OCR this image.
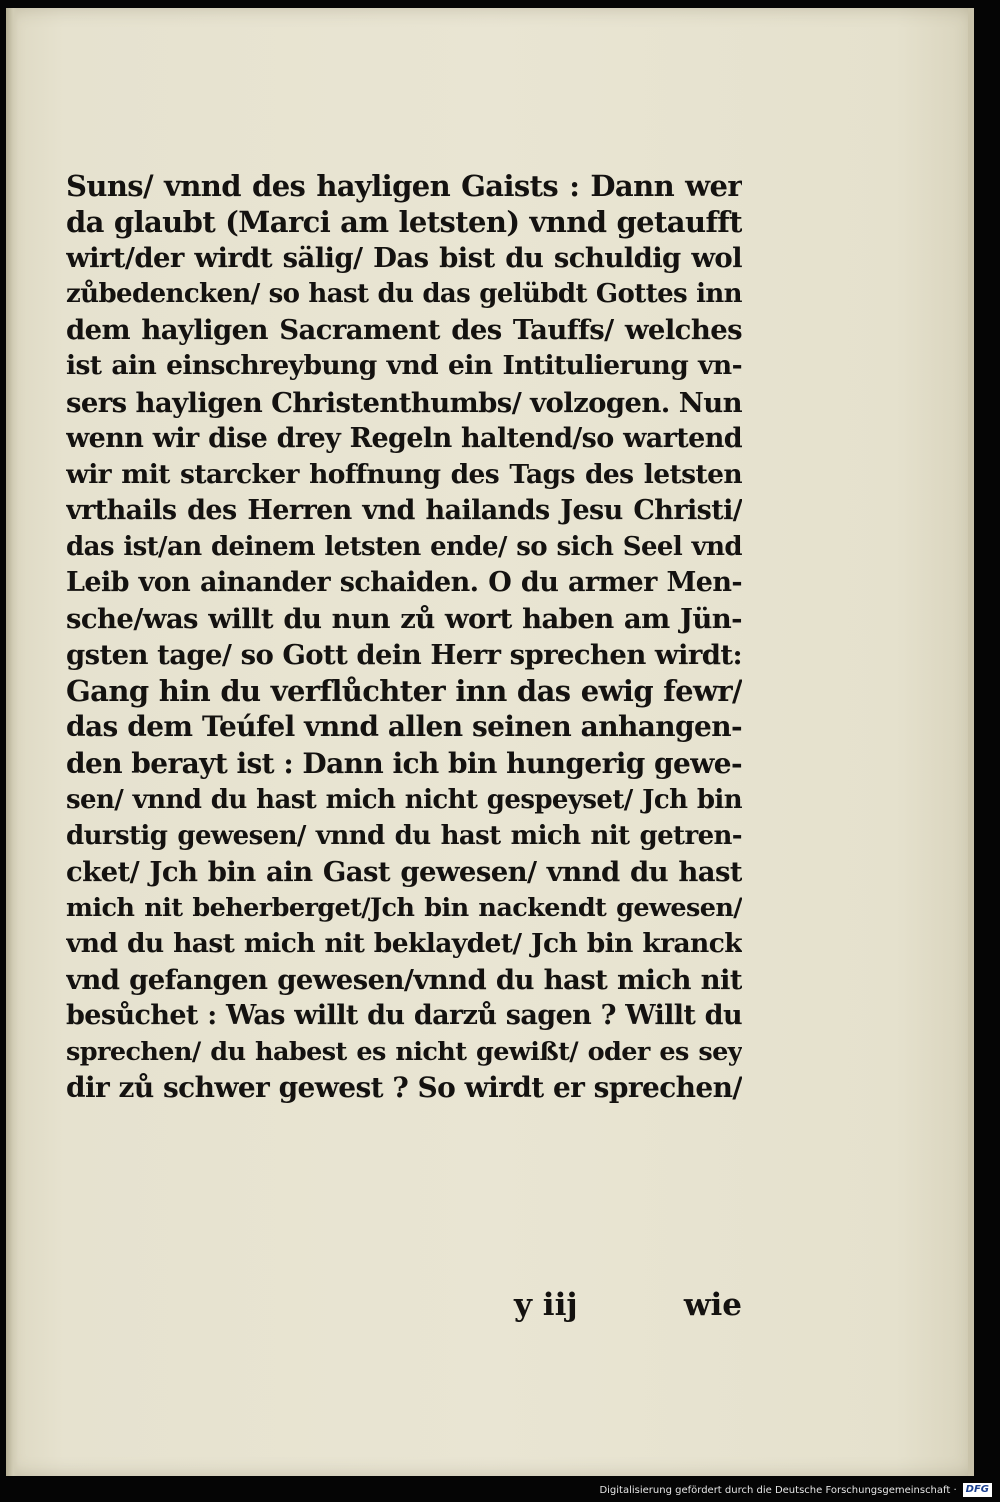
Suns/ vnnd des hayligen Gaists : Dann wer
da glaubt (Marci am letsten) vnnd getaufft
wirt/der wirdt sälig/ Das bist du schuldig wol
zůbedencken/ so hast du das gelübdt Gottes inn
dem hayligen Sacrament des Tauffs/ welches
ist ain einschreybung vnd ein Intitulierung vn-
sers hayligen Christenthumbs/ volzogen. Nun
wenn wir dise drey Regeln haltend/so wartend
wir mit starcker hoffnung des Tags des letsten
vrthails des Herren vnd hailands Jesu Christi/
das ist/an deinem letsten ende/ so sich Seel vnd
Leib von ainander schaiden. O du armer Men-
sche/was willt du nun zů wort haben am Jün-
gsten tage/ so Gott dein Herr sprechen wirdt:
Gang hin du verflůchter inn das ewig fewr/
das dem Teúfel vnnd allen seinen anhangen-
den berayt ist : Dann ich bin hungerig gewe-
sen/ vnnd du hast mich nicht gespeyset/ Jch bin
durstig gewesen/ vnnd du hast mich nit getren-
cket/ Jch bin ain Gast gewesen/ vnnd du hast
mich nit beherberget/Jch bin nackendt gewesen/
vnd du hast mich nit beklaydet/ Jch bin kranck
vnd gefangen gewesen/vnnd du hast mich nit
besůchet : Was willt du darzů sagen ? Willt du
sprechen/ du habest es nicht gewißt/ oder es sey
dir zů schwer gewest ? So wirdt er sprechen/
y iij	wie
Digitalisierung gefördert durch die Deutsche Forschungsgemeinschaft · DFG
